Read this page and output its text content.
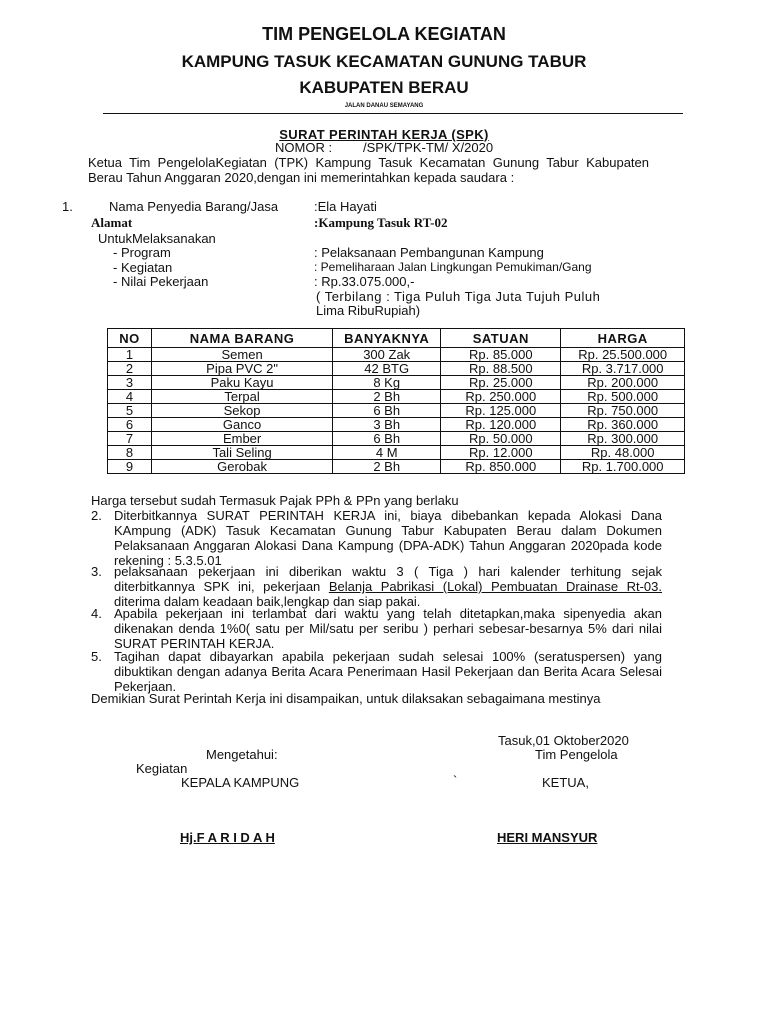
TIM PENGELOLA KEGIATAN
KAMPUNG TASUK KECAMATAN GUNUNG TABUR
KABUPATEN BERAU
JALAN DANAU SEMAYANG
SURAT PERINTAH KERJA (SPK)
NOMOR : /SPK/TPK-TM/ X/2020
Ketua Tim PengelolaKegiatan (TPK) Kampung Tasuk Kecamatan Gunung Tabur Kabupaten Berau Tahun Anggaran 2020,dengan ini memerintahkan kepada saudara :
1.	Nama Penyedia Barang/Jasa	:Ela Hayati
Alamat	:Kampung Tasuk RT-02
UntukMelaksanakan
- Program	: Pelaksanaan Pembangunan Kampung
- Kegiatan	: Pemeliharaan Jalan Lingkungan Pemukiman/Gang
- Nilai Pekerjaan	: Rp.33.075.000,-
( Terbilang : Tiga Puluh Tiga Juta Tujuh Puluh
Lima RibuRupiah)
NO	NAMA BARANG	BANYAKNYA	SATUAN	HARGA
1	Semen	300 Zak	Rp. 85.000	Rp. 25.500.000
2	Pipa PVC 2"	42 BTG	Rp. 88.500	Rp. 3.717.000
3	Paku Kayu	8 Kg	Rp. 25.000	Rp. 200.000
4	Terpal	2 Bh	Rp. 250.000	Rp. 500.000
5	Sekop	6 Bh	Rp. 125.000	Rp. 750.000
6	Ganco	3 Bh	Rp. 120.000	Rp. 360.000
7	Ember	6 Bh	Rp. 50.000	Rp. 300.000
8	Tali Seling	4 M	Rp. 12.000	Rp. 48.000
9	Gerobak	2 Bh	Rp. 850.000	Rp. 1.700.000
Harga tersebut sudah Termasuk Pajak PPh & PPn yang berlaku
2. Diterbitkannya SURAT PERINTAH KERJA ini, biaya dibebankan kepada Alokasi Dana KAmpung (ADK) Tasuk Kecamatan Gunung Tabur Kabupaten Berau dalam Dokumen Pelaksanaan Anggaran Alokasi Dana Kampung (DPA-ADK) Tahun Anggaran 2020pada kode rekening : 5.3.5.01
3. pelaksanaan pekerjaan ini diberikan waktu 3 ( Tiga ) hari kalender terhitung sejak diterbitkannya SPK ini, pekerjaan Belanja Pabrikasi (Lokal) Pembuatan Drainase Rt-03. diterima dalam keadaan baik,lengkap dan siap pakai.
4. Apabila pekerjaan ini terlambat dari waktu yang telah ditetapkan,maka sipenyedia akan dikenakan denda 1%0( satu per Mil/satu per seribu ) perhari sebesar-besarnya 5% dari nilai SURAT PERINTAH KERJA.
5. Tagihan dapat dibayarkan apabila pekerjaan sudah selesai 100% (seratuspersen) yang dibuktikan dengan adanya Berita Acara Penerimaan Hasil Pekerjaan dan Berita Acara Selesai Pekerjaan.
Demikian Surat Perintah Kerja ini disampaikan, untuk dilaksakan sebagaimana mestinya
Tasuk,01 Oktober2020
Mengetahui:	Tim Pengelola
Kegiatan
KEPALA KAMPUNG	`	KETUA,
Hj.F A R I D A H	HERI MANSYUR
